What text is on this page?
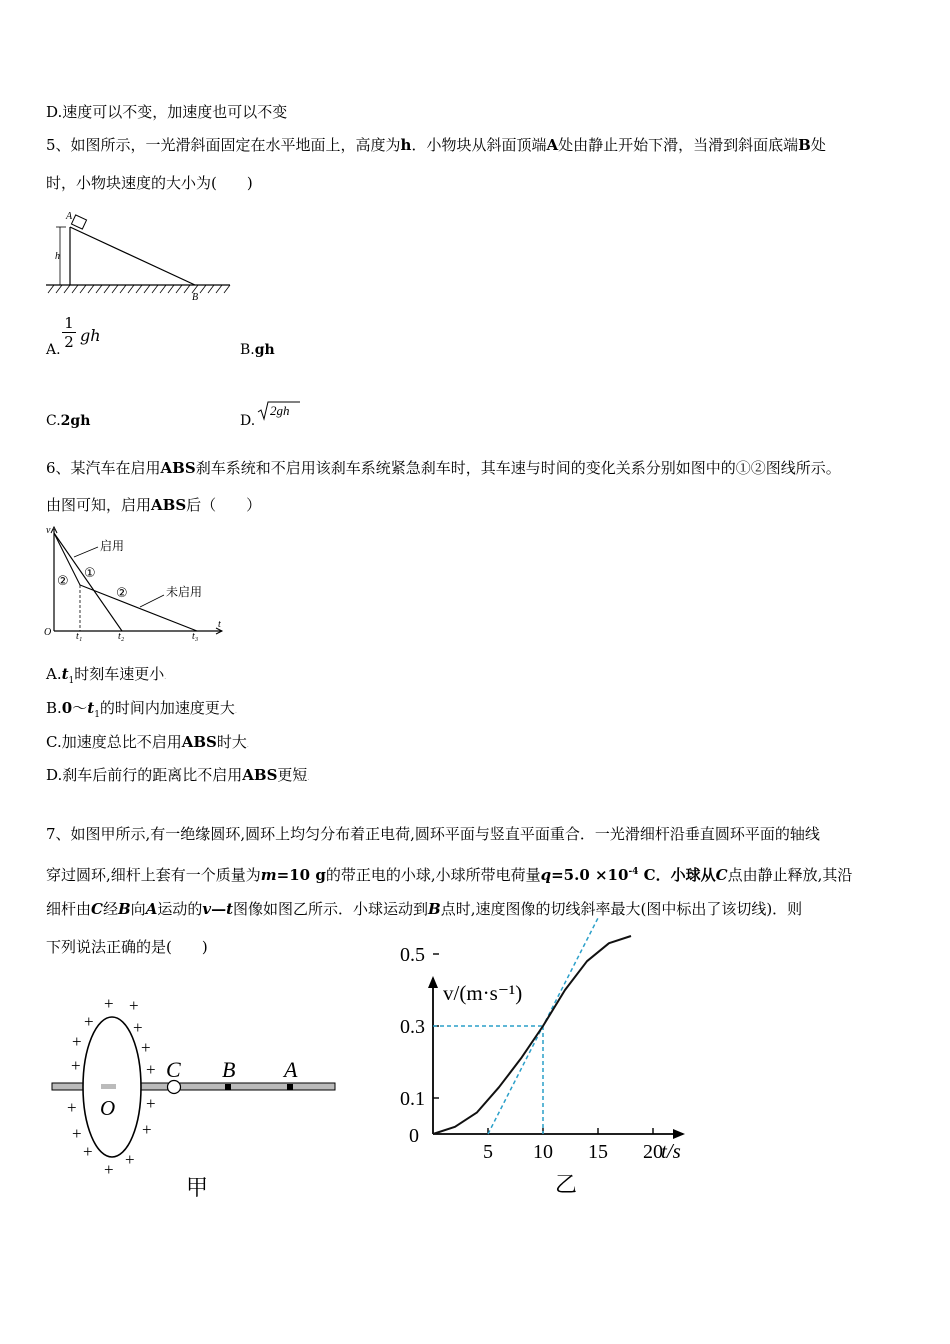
D.速度可以不变，加速度也可以不变
5、如图所示，一光滑斜面固定在水平地面上，高度为h．小物块从斜面顶端A处由静止开始下滑，当滑到斜面底端B处
时，小物块速度的大小为(　　)
A
h
B
A.
1
2 gh
B.gh
C.2gh	D.
2gh
6、某汽车在启用ABS刹车系统和不启用该刹车系统紧急刹车时，其车速与时间的变化关系分别如图中的①②图线所示。
由图可知，启用ABS后（　　）
v
O
t
t₁	t₂	t₃
启用
未启用
①
②
②
$A.t_1$时刻车速更小.
$B.0\sim t_1$的时间内加速度更大.
C.加速度总比不启用ABS时大.
D.刹车后前行的距离比不启用ABS更短.
7、如图甲所示,有一绝缘圆环,圆环上均匀分布着正电荷,圆环平面与竖直平面重合．一光滑细杆沿垂直圆环平面的轴线
穿过圆环,细杆上套有一个质量为m=10 g的带正电的小球,小球所带电荷量$q=5.0 \times 10^{-4}$ C．小球从C点由静止释放,其沿
细杆由C经B向A运动的v—t图像如图乙所示．小球运动到B点时,速度图像的切线斜率最大(图中标出了该切线)．则
下列说法正确的是(　　)
C B A
O
+ +
+ +
+	+
+	+
+	+
+	+
+ +
+
甲
0.1
0.3
0.5
5 10 15 20
0
v/(m·s⁻¹)
t/s
乙
